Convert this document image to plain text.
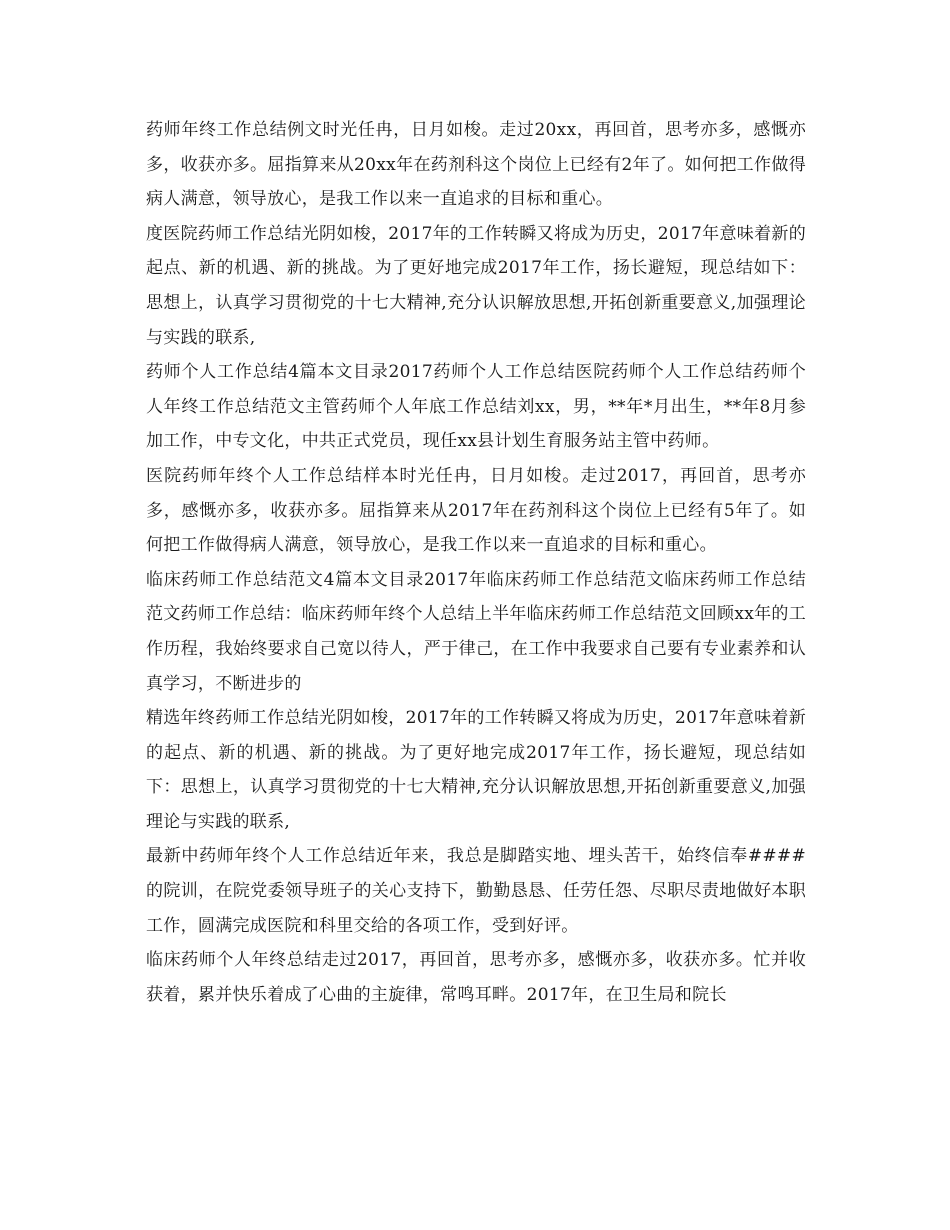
药师年终工作总结例文时光任冉，日月如梭。走过20xx，再回首，思考亦多，感慨亦多，收获亦多。屈指算来从20xx年在药剂科这个岗位上已经有2年了。如何把工作做得病人满意，领导放心，是我工作以来一直追求的目标和重心。

度医院药师工作总结光阴如梭，2017年的工作转瞬又将成为历史，2017年意味着新的起点、新的机遇、新的挑战。为了更好地完成2017年工作，扬长避短，现总结如下：思想上，认真学习贯彻党的十七大精神,充分认识解放思想,开拓创新重要意义,加强理论与实践的联系,

药师个人工作总结4篇本文目录2017药师个人工作总结医院药师个人工作总结药师个人年终工作总结范文主管药师个人年底工作总结刘xx，男，**年*月出生，**年8月参加工作，中专文化，中共正式党员，现任xx县计划生育服务站主管中药师。

医院药师年终个人工作总结样本时光任冉，日月如梭。走过2017，再回首，思考亦多，感慨亦多，收获亦多。屈指算来从2017年在药剂科这个岗位上已经有5年了。如何把工作做得病人满意，领导放心，是我工作以来一直追求的目标和重心。

临床药师工作总结范文4篇本文目录2017年临床药师工作总结范文临床药师工作总结范文药师工作总结：临床药师年终个人总结上半年临床药师工作总结范文回顾xx年的工作历程，我始终要求自己宽以待人，严于律己，在工作中我要求自己要有专业素养和认真学习，不断进步的

精选年终药师工作总结光阴如梭，2017年的工作转瞬又将成为历史，2017年意味着新的起点、新的机遇、新的挑战。为了更好地完成2017年工作，扬长避短，现总结如下：思想上，认真学习贯彻党的十七大精神,充分认识解放思想,开拓创新重要意义,加强理论与实践的联系,

最新中药师年终个人工作总结近年来，我总是脚踏实地、埋头苦干，始终信奉####的院训，在院党委领导班子的关心支持下，勤勤恳恳、任劳任怨、尽职尽责地做好本职工作，圆满完成医院和科里交给的各项工作，受到好评。

临床药师个人年终总结走过2017，再回首，思考亦多，感慨亦多，收获亦多。忙并收获着，累并快乐着成了心曲的主旋律，常鸣耳畔。2017年，在卫生局和院长
